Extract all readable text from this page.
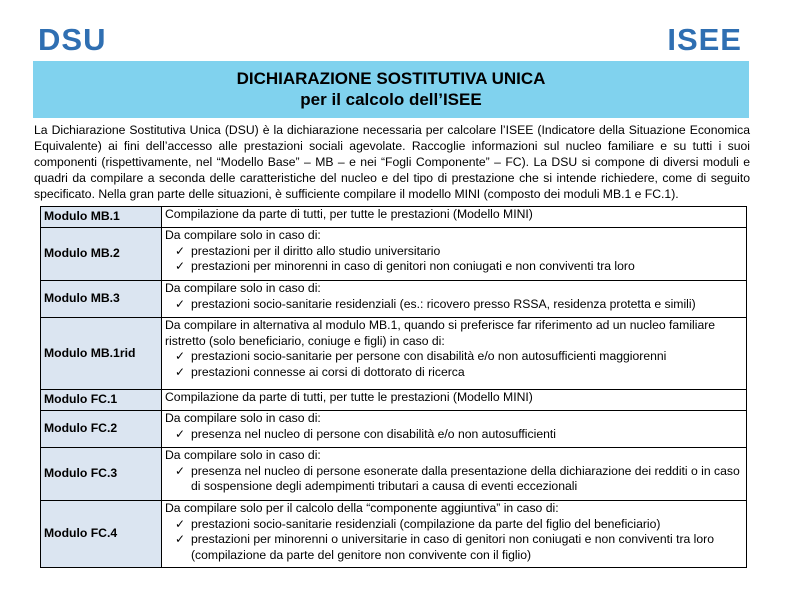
DSU	ISEE
DICHIARAZIONE SOSTITUTIVA UNICA
per il calcolo dell’ISEE
La Dichiarazione Sostitutiva Unica (DSU) è la dichiarazione necessaria per calcolare l’ISEE (Indicatore della Situazione Economica Equivalente) ai fini dell’accesso alle prestazioni sociali agevolate. Raccoglie informazioni sul nucleo familiare e su tutti i suoi componenti (rispettivamente, nel “Modello Base” – MB – e nei “Fogli Componente” – FC). La DSU si compone di diversi moduli e quadri da compilare a seconda delle caratteristiche del nucleo e del tipo di prestazione che si intende richiedere, come di seguito specificato. Nella gran parte delle situazioni, è sufficiente compilare il modello MINI (composto dei moduli MB.1 e FC.1).
Modulo MB.1	Compilazione da parte di tutti, per tutte le prestazioni (Modello MINI)

Modulo MB.2	Da compilare solo in caso di:
✓ prestazioni per il diritto allo studio universitario
✓ prestazioni per minorenni in caso di genitori non coniugati e non conviventi tra loro

Modulo MB.3	Da compilare solo in caso di:
✓ prestazioni socio-sanitarie residenziali (es.: ricovero presso RSSA, residenza protetta e simili)

Modulo MB.1rid	Da compilare in alternativa al modulo MB.1, quando si preferisce far riferimento ad un nucleo familiare ristretto (solo beneficiario, coniuge e figli) in caso di:
✓ prestazioni socio-sanitarie per persone con disabilità e/o non autosufficienti maggiorenni
✓ prestazioni connesse ai corsi di dottorato di ricerca

Modulo FC.1	Compilazione da parte di tutti, per tutte le prestazioni (Modello MINI)

Modulo FC.2	Da compilare solo in caso di:
✓ presenza nel nucleo di persone con disabilità e/o non autosufficienti

Modulo FC.3	Da compilare solo in caso di:
✓ presenza nel nucleo di persone esonerate dalla presentazione della dichiarazione dei redditi o in caso di sospensione degli adempimenti tributari a causa di eventi eccezionali

Modulo FC.4	Da compilare solo per il calcolo della “componente aggiuntiva” in caso di:
✓ prestazioni socio-sanitarie residenziali (compilazione da parte del figlio del beneficiario)
✓ prestazioni per minorenni o universitarie in caso di genitori non coniugati e non conviventi tra loro (compilazione da parte del genitore non convivente con il figlio)
